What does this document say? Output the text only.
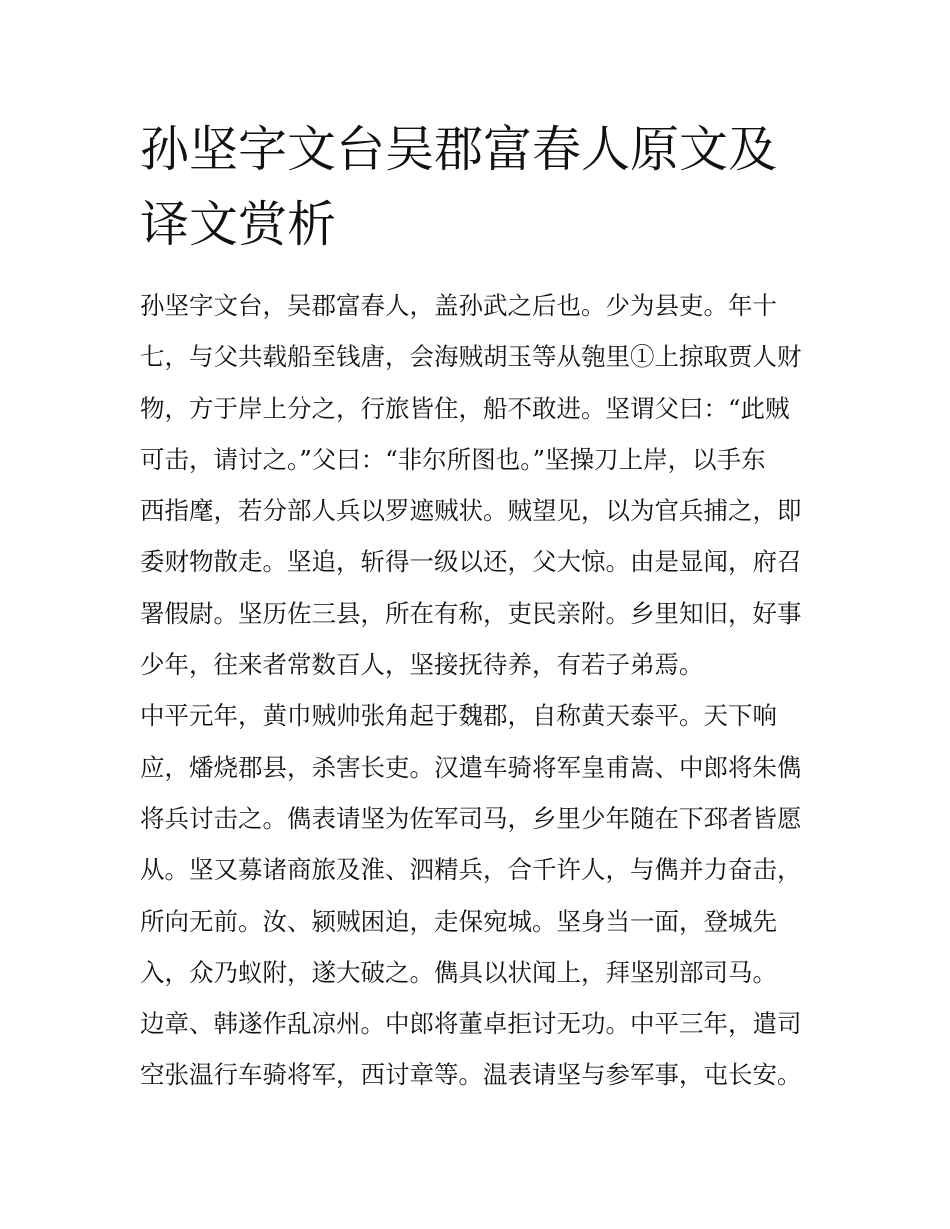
孙坚字文台吴郡富春人原文及
译文赏析
孙坚字文台，吴郡富春人，盖孙武之后也。少为县吏。年十
七，与父共载船至钱唐，会海贼胡玉等从匏里①上掠取贾人财
物，方于岸上分之，行旅皆住，船不敢进。坚谓父曰：“此贼
可击，请讨之。”父曰：“非尔所图也。”坚操刀上岸，以手东
西指麾，若分部人兵以罗遮贼状。贼望见，以为官兵捕之，即
委财物散走。坚追，斩得一级以还，父大惊。由是显闻，府召
署假尉。坚历佐三县，所在有称，吏民亲附。乡里知旧，好事
少年，往来者常数百人，坚接抚待养，有若子弟焉。
中平元年，黄巾贼帅张角起于魏郡，自称黄天泰平。天下响
应，燔烧郡县，杀害长吏。汉遣车骑将军皇甫嵩、中郎将朱儁
将兵讨击之。儁表请坚为佐军司马，乡里少年随在下邳者皆愿
从。坚又募诸商旅及淮、泗精兵，合千许人，与儁并力奋击，
所向无前。汝、颍贼困迫，走保宛城。坚身当一面，登城先
入，众乃蚁附，遂大破之。儁具以状闻上，拜坚别部司马。
边章、韩遂作乱凉州。中郎将董卓拒讨无功。中平三年，遣司
空张温行车骑将军，西讨章等。温表请坚与参军事，屯长安。
